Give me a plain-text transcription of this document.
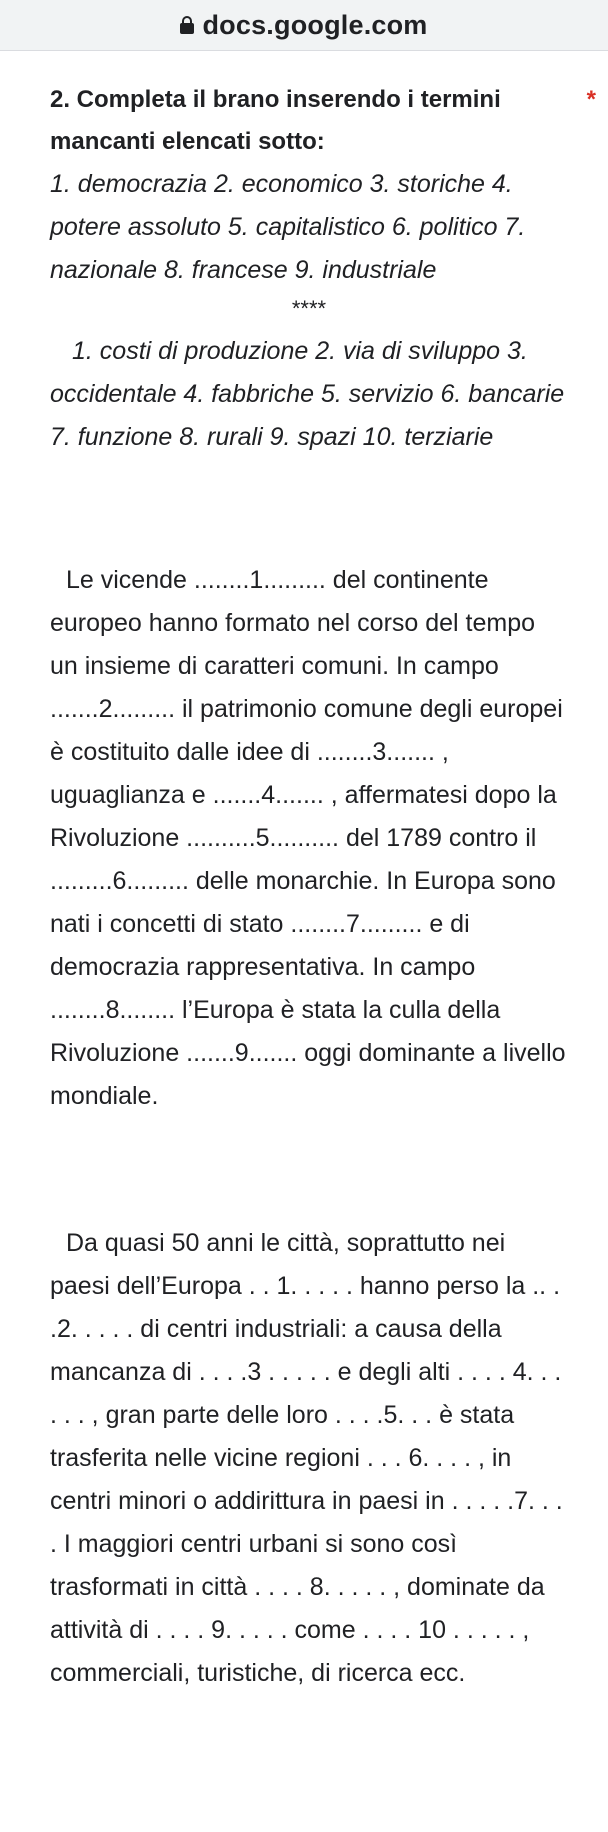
docs.google.com
2. Completa il brano inserendo i termini mancanti elencati sotto:
*

1. democrazia 2. economico 3. storiche 4. potere assoluto 5. capitalistico 6. politico 7. nazionale 8. francese 9. industriale

****

1. costi di produzione 2. via di sviluppo 3. occidentale 4. fabbriche 5. servizio 6. bancarie 7. funzione 8. rurali 9. spazi 10. terziarie

Le vicende ........1......... del continente europeo hanno formato nel corso del tempo un insieme di caratteri comuni. In campo .......2......... il patrimonio comune degli europei è costituito dalle idee di ........3....... , uguaglianza e .......4....... , affermatesi dopo la Rivoluzione ..........5.......... del 1789 contro il .........6......... delle monarchie. In Europa sono nati i concetti di stato ........7......... e di democrazia rappresentativa. In campo ........8........ l’Europa è stata la culla della Rivoluzione .......9....... oggi dominante a livello mondiale.

Da quasi 50 anni le città, soprattutto nei paesi dell’Europa . . 1. . . . . hanno perso la .. . .2. . . . . di centri industriali: a causa della mancanza di . . . .3 . . . . . e degli alti . . . . 4. . . . . . , gran parte delle loro . . . .5. . . è stata trasferita nelle vicine regioni . . . 6. . . . , in centri minori o addirittura in paesi in . . . . .7. . . . I maggiori centri urbani si sono così trasformati in città . . . . 8. . . . . , dominate da attività di . . . . 9. . . . . come . . . . 10 . . . . . , commerciali, turistiche, di ricerca ecc.
